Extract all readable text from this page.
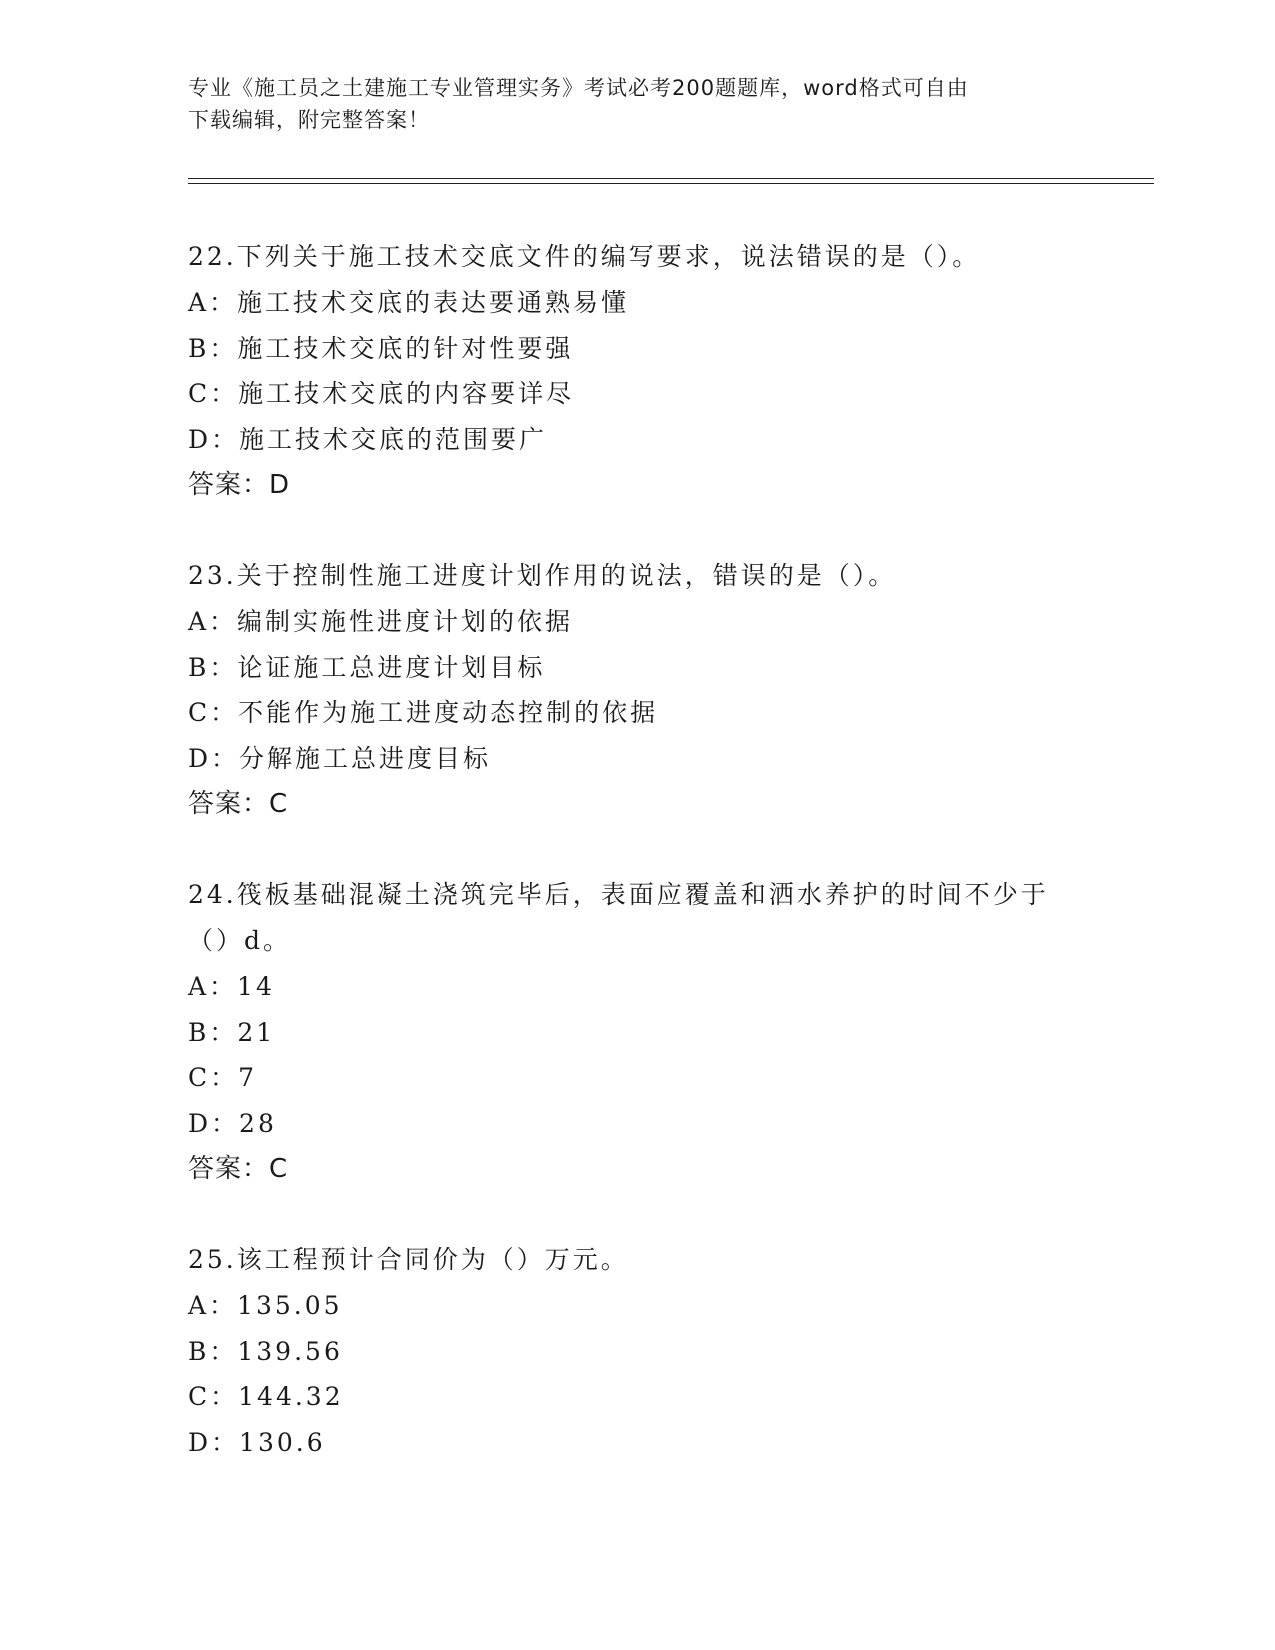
专业《施工员之土建施工专业管理实务》考试必考200题题库，word格式可自由
下载编辑，附完整答案！
22.下列关于施工技术交底文件的编写要求，说法错误的是（）。
A：施工技术交底的表达要通熟易懂
B：施工技术交底的针对性要强
C：施工技术交底的内容要详尽
D：施工技术交底的范围要广
答案：D
23.关于控制性施工进度计划作用的说法，错误的是（）。
A：编制实施性进度计划的依据
B：论证施工总进度计划目标
C：不能作为施工进度动态控制的依据
D：分解施工总进度目标
答案：C
24.筏板基础混凝土浇筑完毕后，表面应覆盖和洒水养护的时间不少于
（）d。
A：14
B：21
C：7
D：28
答案：C
25.该工程预计合同价为（）万元。
A：135.05
B：139.56
C：144.32
D：130.6
